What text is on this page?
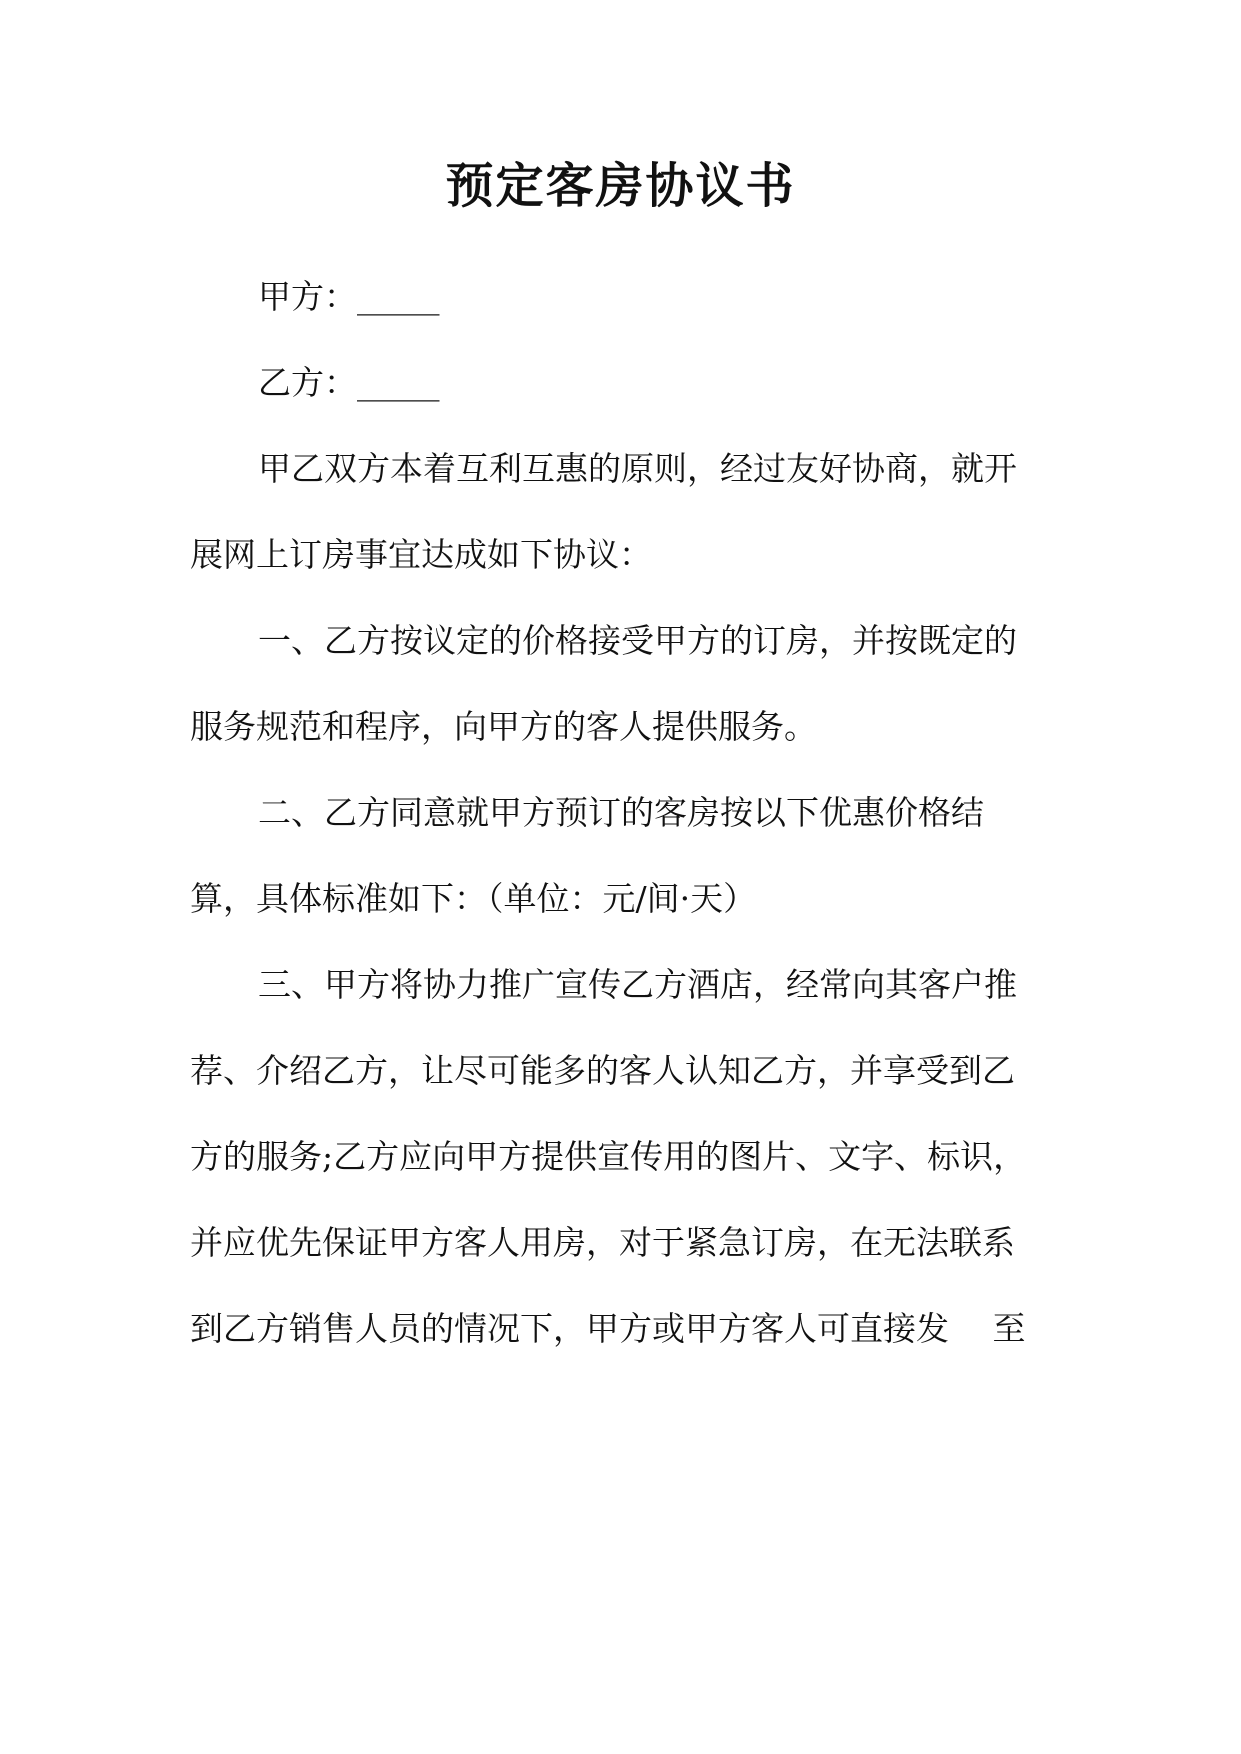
预定客房协议书
甲方：_____
乙方：_____
甲乙双方本着互利互惠的原则，经过友好协商，就开
展网上订房事宜达成如下协议：
一、乙方按议定的价格接受甲方的订房，并按既定的
服务规范和程序，向甲方的客人提供服务。
二、乙方同意就甲方预订的客房按以下优惠价格结
算，具体标准如下：（单位：元/间·天）
三、甲方将协力推广宣传乙方酒店，经常向其客户推
荐、介绍乙方，让尽可能多的客人认知乙方，并享受到乙
方的服务;乙方应向甲方提供宣传用的图片、文字、标识，
并应优先保证甲方客人用房，对于紧急订房，在无法联系
到乙方销售人员的情况下，甲方或甲方客人可直接发　 至
